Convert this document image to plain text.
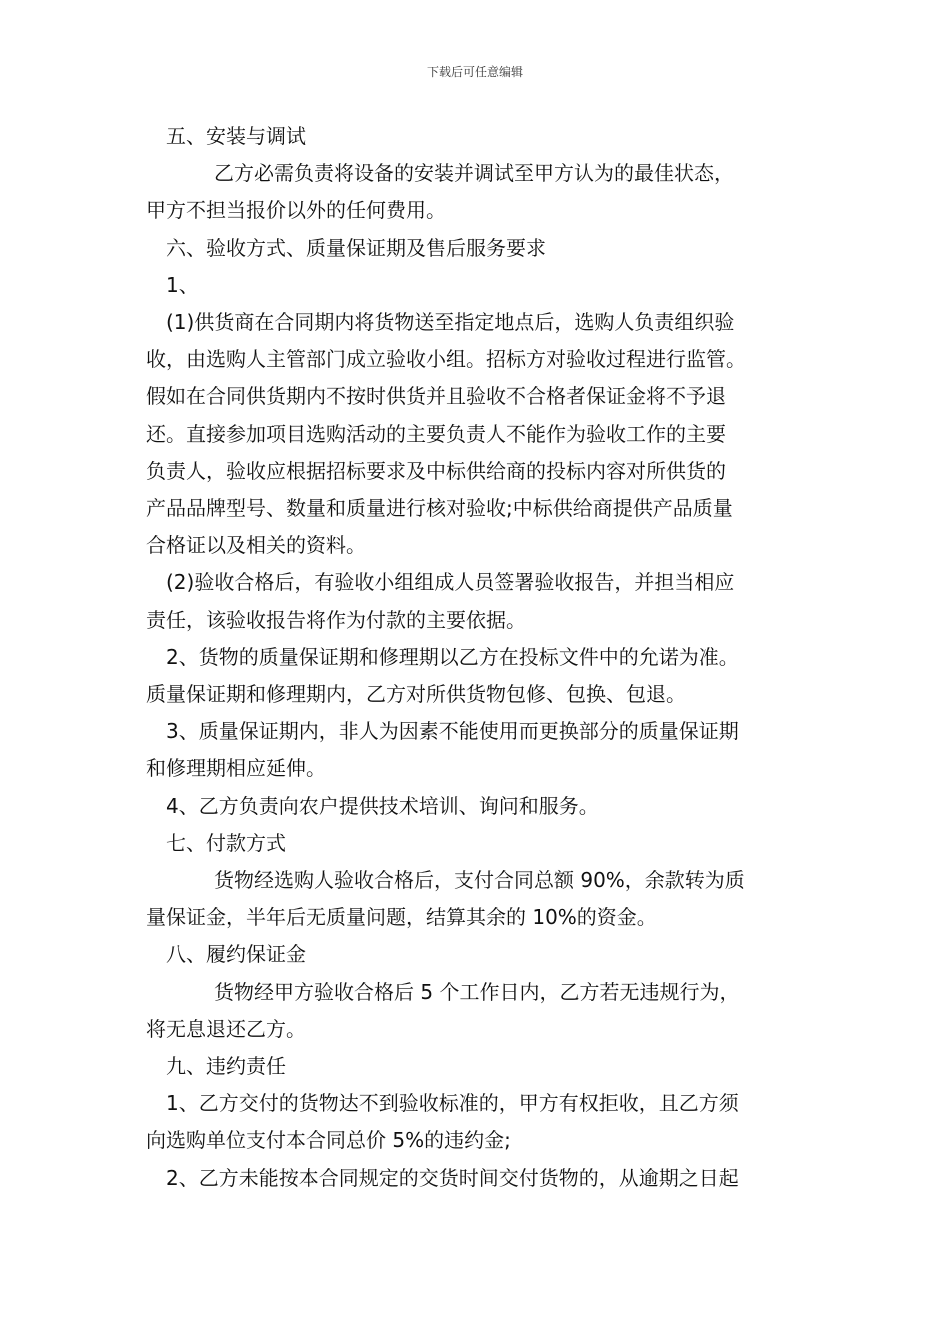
下载后可任意编辑

五、安装与调试

乙方必需负责将设备的安装并调试至甲方认为的最佳状态，

甲方不担当报价以外的任何费用。

六、验收方式、质量保证期及售后服务要求

1、

(1)供货商在合同期内将货物送至指定地点后，选购人负责组织验

收，由选购人主管部门成立验收小组。招标方对验收过程进行监管。

假如在合同供货期内不按时供货并且验收不合格者保证金将不予退

还。直接参加项目选购活动的主要负责人不能作为验收工作的主要

负责人，验收应根据招标要求及中标供给商的投标内容对所供货的

产品品牌型号、数量和质量进行核对验收;中标供给商提供产品质量

合格证以及相关的资料。

(2)验收合格后，有验收小组组成人员签署验收报告，并担当相应

责任，该验收报告将作为付款的主要依据。

2、货物的质量保证期和修理期以乙方在投标文件中的允诺为准。

质量保证期和修理期内，乙方对所供货物包修、包换、包退。

3、质量保证期内，非人为因素不能使用而更换部分的质量保证期

和修理期相应延伸。

4、乙方负责向农户提供技术培训、询问和服务。

七、付款方式

货物经选购人验收合格后，支付合同总额 90%，余款转为质

量保证金，半年后无质量问题，结算其余的 10%的资金。

八、履约保证金

货物经甲方验收合格后 5 个工作日内，乙方若无违规行为，

将无息退还乙方。

九、违约责任

1、乙方交付的货物达不到验收标准的，甲方有权拒收，且乙方须

向选购单位支付本合同总价 5%的违约金;

2、乙方未能按本合同规定的交货时间交付货物的，从逾期之日起
